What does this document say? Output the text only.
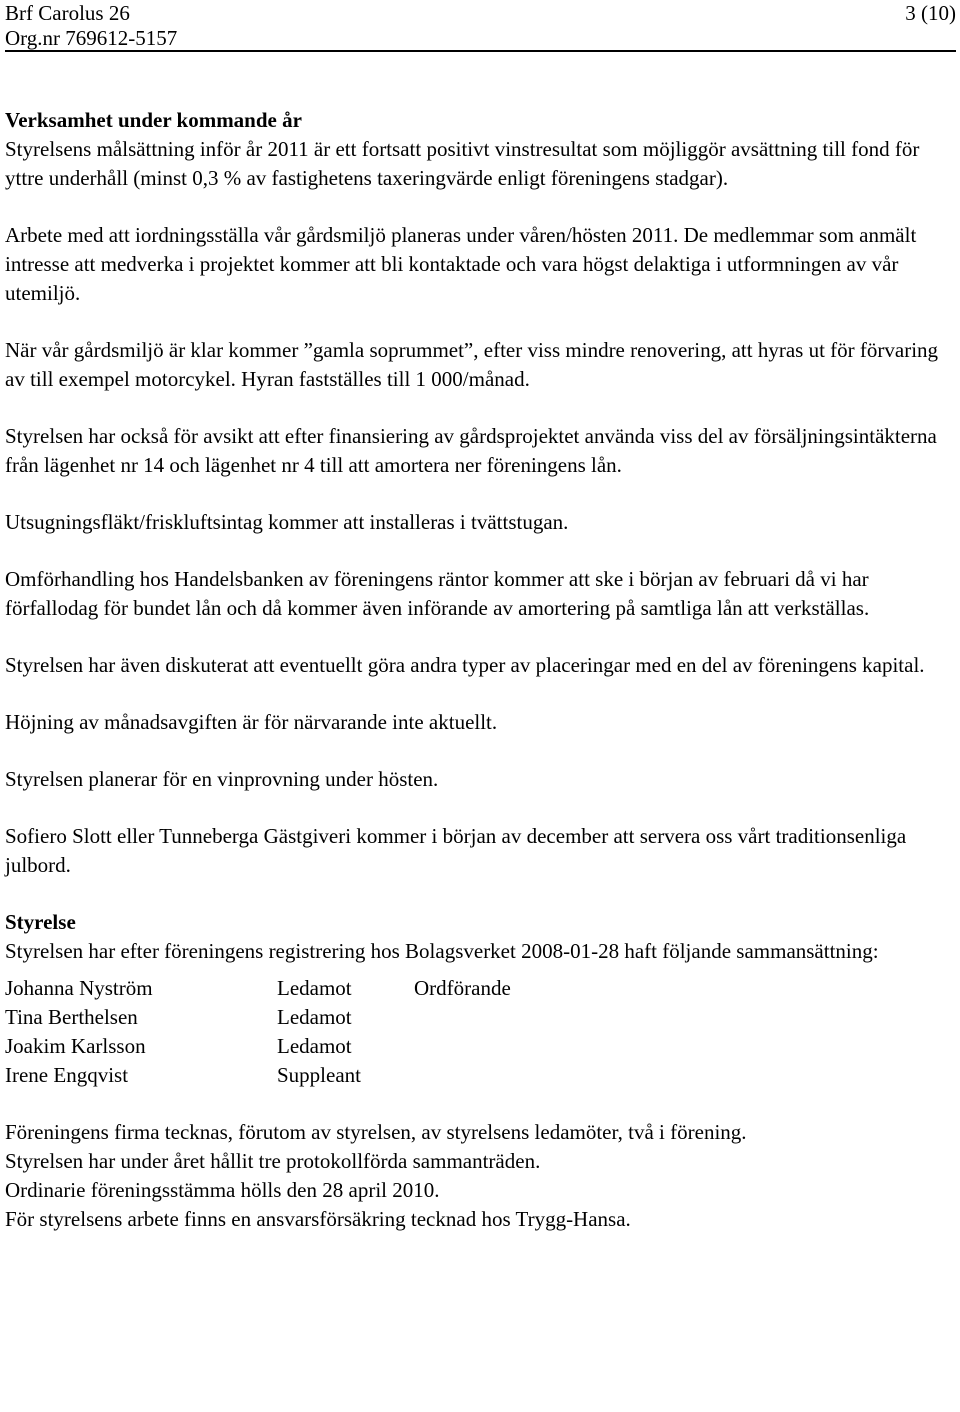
Brf Carolus 26
Org.nr 769612-5157
3 (10)
Verksamhet under kommande år

Styrelsens målsättning inför år 2011 är ett fortsatt positivt vinstresultat som möjliggör avsättning till fond för yttre underhåll (minst 0,3 % av fastighetens taxeringvärde enligt föreningens stadgar).

Arbete med att iordningsställa vår gårdsmiljö planeras under våren/hösten 2011. De medlemmar som anmält intresse att medverka i projektet kommer att bli kontaktade och vara högst delaktiga i utformningen av vår utemiljö.

När vår gårdsmiljö är klar kommer ”gamla soprummet”, efter viss mindre renovering, att hyras ut för förvaring av till exempel motorcykel. Hyran fastställes till 1 000/månad.

Styrelsen har också för avsikt att efter finansiering av gårdsprojektet använda viss del av försäljningsintäkterna från lägenhet nr 14 och lägenhet nr 4 till att amortera ner föreningens lån.

Utsugningsfläkt/friskluftsintag kommer att installeras i tvättstugan.

Omförhandling hos Handelsbanken av föreningens räntor kommer att ske i början av februari då vi har förfallodag för bundet lån och då kommer även införande av amortering på samtliga lån att verkställas.

Styrelsen har även diskuterat att eventuellt göra andra typer av placeringar med en del av föreningens kapital.

Höjning av månadsavgiften är för närvarande inte aktuellt.

Styrelsen planerar för en vinprovning under hösten.

Sofiero Slott eller Tunneberga Gästgiveri kommer i början av december att servera oss vårt traditionsenliga julbord.

Styrelse

Styrelsen har efter föreningens registrering hos Bolagsverket 2008-01-28 haft följande sammansättning:

Johanna Nyström	Ledamot	Ordförande
Tina Berthelsen	Ledamot
Joakim Karlsson	Ledamot
Irene Engqvist	Suppleant
Föreningens firma tecknas, förutom av styrelsen, av styrelsens ledamöter, två i förening.
Styrelsen har under året hållit tre protokollförda sammanträden.
Ordinarie föreningsstämma hölls den 28 april 2010.
För styrelsens arbete finns en ansvarsförsäkring tecknad hos Trygg-Hansa.
